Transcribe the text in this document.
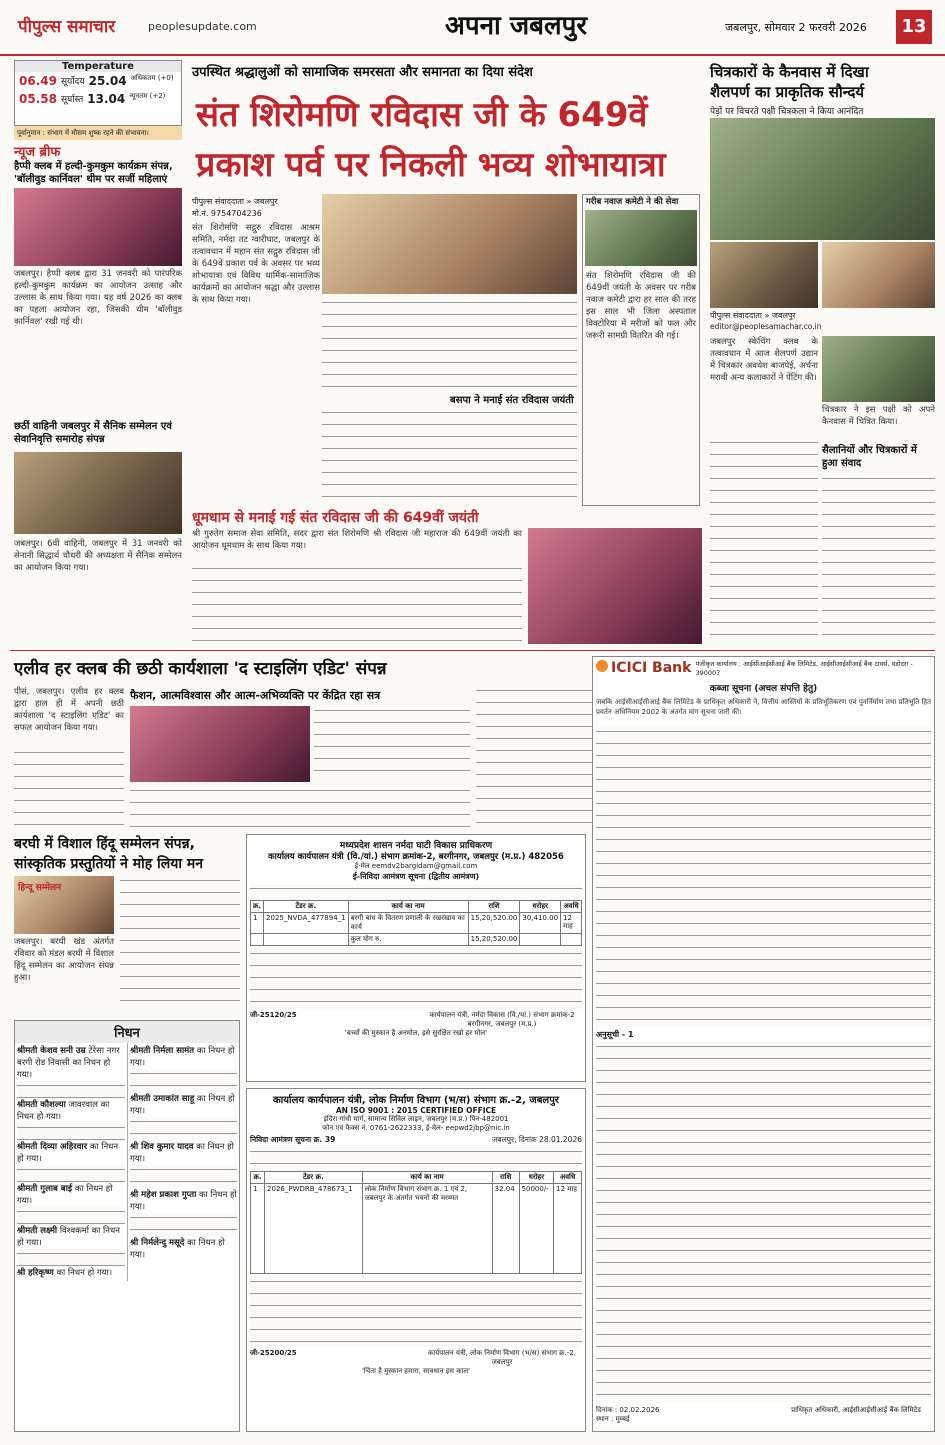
पीपुल्स समाचार	peoplesupdate.com	अपना जबलपुर	जबलपुर, सोमवार 2 फरवरी 2026	13
Temperature
06.49 सूर्योदय 25.04 अधिकतम (+0)
05.58 सूर्यास्त 13.04 न्यूनतम (+2)
पूर्वानुमान : संभाग में मौसम शुष्क रहने की संभावना।
न्यूज ब्रीफ
हैप्पी क्लब में हल्दी-कुमकुम कार्यक्रम संपन्न, 'बॉलीवुड कार्निवल' थीम पर सजीं महिलाएं
जबलपुर। हैप्पी क्लब द्वारा 31 जनवरी को पारंपरिक हल्दी-कुमकुम कार्यक्रम का आयोजन उत्साह और उल्लास के साथ किया गया। यह वर्ष 2026 का क्लब का पहला आयोजन रहा, जिसकी थीम 'बॉलीवुड कार्निवल' रखी गई थी।
छठीं वाहिनी जबलपुर में सैनिक सम्मेलन एवं सेवानिवृत्ति समारोह संपन्न
जबलपुर। 6वीं वाहिनी, जबलपुर में 31 जनवरी को सेनानी सिद्धार्थ चौधरी की अध्यक्षता में सैनिक सम्मेलन का आयोजन किया गया।
उपस्थित श्रद्धालुओं को सामाजिक समरसता और समानता का दिया संदेश
संत शिरोमणि रविदास जी के 649वें
प्रकाश पर्व पर निकली भव्य शोभायात्रा
पीपुल्स संवाददाता » जबलपुर
मो.नं. 9754704236
संत शिरोमणि सद्गुरु रविदास आश्रम समिति, नर्मदा तट ग्वारीघाट, जबलपुर के तत्वावधान में महान संत सद्गुरु रविदास जी के 649वें प्रकाश पर्व के अवसर पर भव्य शोभायात्रा एवं विविध धार्मिक-सामाजिक कार्यक्रमों का आयोजन श्रद्धा और उल्लास के साथ किया गया।
बसपा ने मनाई संत रविदास जयंती
गरीब नवाज कमेटी ने की सेवा
संत शिरोमणि रविदास जी की 649वीं जयंती के अवसर पर गरीब नवाज कमेटी द्वारा हर साल की तरह इस साल भी जिला अस्पताल विक्टोरिया में मरीजों को फल और जरूरी सामग्री वितरित की गई।
धूमधाम से मनाई गई संत रविदास जी की 649वीं जयंती
श्री गुरुतेग समाज सेवा समिति, सदर द्वारा संत शिरोमणि श्री रविदास जी महाराज की 649वीं जयंती का आयोजन धूमधाम के साथ किया गया।
चित्रकारों के कैनवास में दिखा
शैलपर्ण का प्राकृतिक सौन्दर्य
पेड़ों पर विचरते पक्षी चित्रकला ने किया आनंदित
पीपुल्स संवाददाता » जबलपुर
editor@peoplesamachar.co.in
जबलपुर स्केचिंग क्लब के तत्वावधान में आज शैलपर्ण उद्यान में चित्रकार अवधेश बाजपेई, अर्चना मरावी अन्य कलाकारों ने पेंटिंग की।
चित्रकार ने इस पक्षी को अपने कैनवास में चित्रित किया।
सैलानियों और चित्रकारों में हुआ संवाद
एलीव हर क्लब की छठी कार्यशाला 'द स्टाइलिंग एडिट' संपन्न
पीसं, जबलपुर। एलीव हर क्लब द्वारा हाल ही में अपनी छठी कार्यशाला 'द स्टाइलिंग एडिट' का सफल आयोजन किया गया।
फैशन, आत्मविश्वास और आत्म-अभिव्यक्ति पर केंद्रित रहा सत्र
बरघी में विशाल हिंदू सम्मेलन संपन्न,
सांस्कृतिक प्रस्तुतियों ने मोह लिया मन
हिन्दू सम्मेलन
जबलपुर। बरघी खंड अंतर्गत रविवार को मंडल बरघी में विशाल हिंदू सम्मेलन का आयोजन संपन्न हुआ।
निधन
श्रीमती केशव सनी उम्र टेरेसा नगर बरगी रोड निवासी का निधन हो गया।
श्रीमती कौशल्या जावरवाल का निधन हो गया।
श्रीमती दिव्या अहिरवार का निधन हो गया।
श्रीमती गुलाब बाई का निधन हो गया।
श्रीमती लक्ष्मी विश्वकर्मा का निधन हो गया।
श्री हरिकृष्ण का निधन हो गया।
श्रीमती निर्मला सामंत का निधन हो गया।
श्रीमती उमाकांत साहू का निधन हो गया।
श्री शिव कुमार यादव का निधन हो गया।
श्री महेश प्रकाश गुप्ता का निधन हो गया।
श्री निर्मलेन्दु मसूदे का निधन हो गया।
मध्यप्रदेश शासन नर्मदा घाटी विकास प्राधिकरण
कार्यालय कार्यपालन यंत्री (वि./यां.) संभाग क्रमांक-2, बरगीनगर, जबलपुर (म.प्र.) 482056
ई-मेल eemdv2bargidam@gmail.com
ई-निविदा आमंत्रण सूचना (द्वितीय आमंत्रण)
क्र.	टेंडर क्र.	कार्य का नाम	राशि	धरोहर	अवधि
1	2025_NVDA_477894_1	बरगी बांध के वितरण प्रणाली के रखरखाव का कार्य	15,20,520.00	30,410.00	12 माह
		कुल योग रु.	15,20,520.00		
जी-25120/25	कार्यपालन यंत्री, नर्मदा विकास (वि./यां.) संभाग क्रमांक-2 बरगीनगर, जबलपुर (म.प्र.)
'बच्चों की मुस्कान है अनमोल, इसे सुरक्षित रखो हर मोल'
कार्यालय कार्यपालन यंत्री, लोक निर्माण विभाग (भ/स) संभाग क्र.-2, जबलपुर
AN ISO 9001 : 2015 CERTIFIED OFFICE
इंदिरा गांधी मार्ग, सामान्य सिविल लाइन, जबलपुर (म.प्र.) पिन-482001
फोन एवं फैक्स नं. 0761-2622333, ई-मेल- eepwd2jbp@nic.in
निविदा आमंत्रण सूचना क्र. 39	जबलपुर, दिनांक 28.01.2026
क्र.	टेंडर क्र.	कार्य का नाम	राशि	धरोहर	अवधि
1	2026_PWDRB_478673_1	लोक निर्माण विभाग संभाग क्र. 1 एवं 2, जबलपुर के अंतर्गत भवनों की मरम्मत	32.04	50000/-	12 माह
जी-25200/25	कार्यपालन यंत्री, लोक निर्माण विभाग (भ/स) संभाग क्र.-2, जबलपुर
'चिंता है मुस्कान हमारा, सावधान इस काल'
ICICI Bank पंजीकृत कार्यालय : आईसीआईसीआई बैंक लिमिटेड, आईसीआईसीआई बैंक टावर्स, वडोदरा - 390007
कब्जा सूचना (अचल संपत्ति हेतु)
जबकि आईसीआईसीआई बैंक लिमिटेड के प्राधिकृत अधिकारी ने, वित्तीय आस्तियों के प्रतिभूतिकरण एवं पुनर्निर्माण तथा प्रतिभूति हित प्रवर्तन अधिनियम 2002 के अंतर्गत मांग सूचना जारी की।
अनुसूची - 1
दिनांक : 02.02.2026
स्थान : मुम्बई
प्राधिकृत अधिकारी, आईसीआईसीआई बैंक लिमिटेड
